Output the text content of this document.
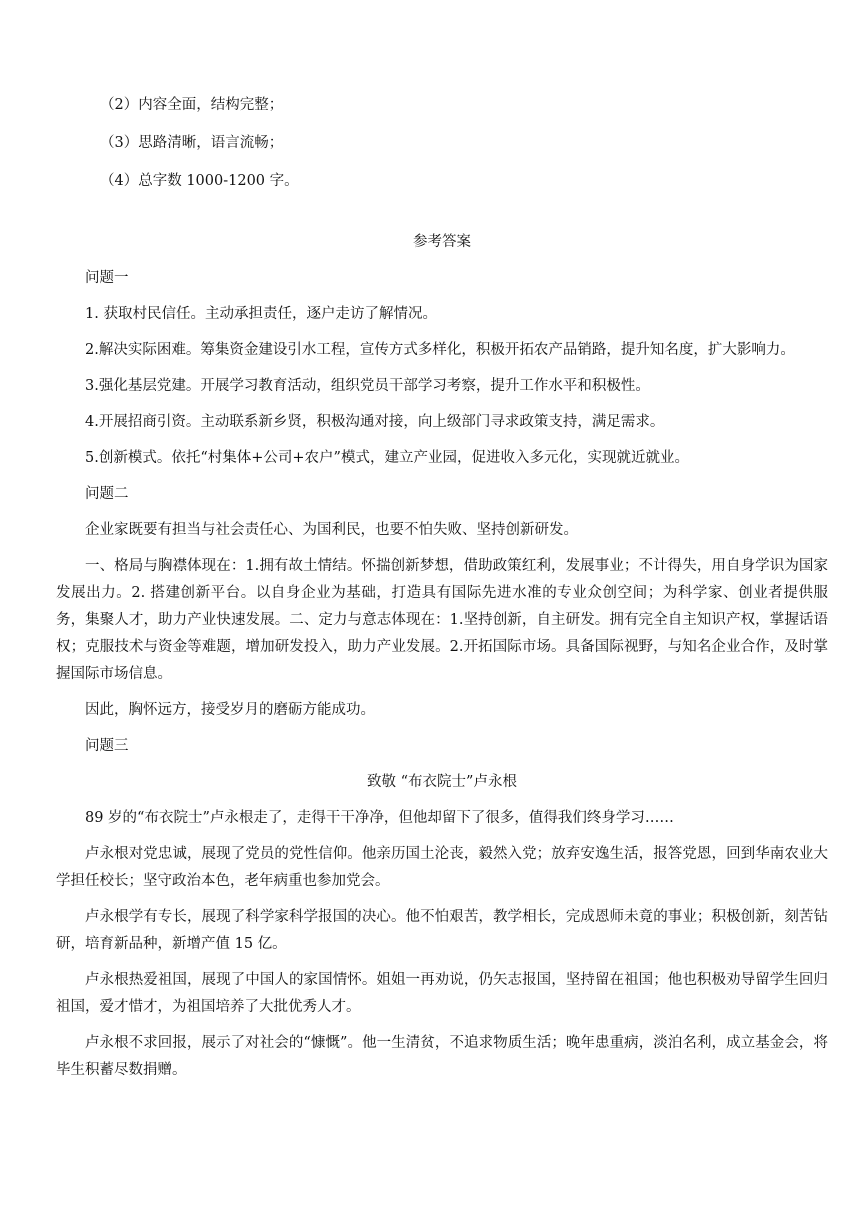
（2）内容全面，结构完整；

（3）思路清晰，语言流畅；

（4）总字数 1000-1200 字。

参考答案

问题一

1. 获取村民信任。主动承担责任，逐户走访了解情况。

2.解决实际困难。筹集资金建设引水工程，宣传方式多样化，积极开拓农产品销路，提升知名度，扩大影响力。

3.强化基层党建。开展学习教育活动，组织党员干部学习考察，提升工作水平和积极性。

4.开展招商引资。主动联系新乡贤，积极沟通对接，向上级部门寻求政策支持，满足需求。

5.创新模式。依托“村集体+公司+农户”模式，建立产业园，促进收入多元化，实现就近就业。

问题二

企业家既要有担当与社会责任心、为国利民，也要不怕失败、坚持创新研发。

一、格局与胸襟体现在：1.拥有故土情结。怀揣创新梦想，借助政策红利，发展事业；不计得失，用自身学识为国家发展出力。2. 搭建创新平台。以自身企业为基础，打造具有国际先进水准的专业众创空间；为科学家、创业者提供服务，集聚人才，助力产业快速发展。二、定力与意志体现在：1.坚持创新，自主研发。拥有完全自主知识产权，掌握话语权；克服技术与资金等难题，增加研发投入，助力产业发展。2.开拓国际市场。具备国际视野，与知名企业合作，及时掌握国际市场信息。

因此，胸怀远方，接受岁月的磨砺方能成功。

问题三

致敬 “布衣院士”卢永根

89 岁的“布衣院士”卢永根走了，走得干干净净，但他却留下了很多，值得我们终身学习……

卢永根对党忠诚，展现了党员的党性信仰。他亲历国土沦丧，毅然入党；放弃安逸生活，报答党恩，回到华南农业大学担任校长；坚守政治本色，老年病重也参加党会。

卢永根学有专长，展现了科学家科学报国的决心。他不怕艰苦，教学相长，完成恩师未竟的事业；积极创新，刻苦钻研，培育新品种，新增产值 15 亿。

卢永根热爱祖国，展现了中国人的家国情怀。姐姐一再劝说，仍矢志报国，坚持留在祖国；他也积极劝导留学生回归祖国，爱才惜才，为祖国培养了大批优秀人才。

卢永根不求回报，展示了对社会的“慷慨”。他一生清贫，不追求物质生活；晚年患重病，淡泊名利，成立基金会，将毕生积蓄尽数捐赠。
